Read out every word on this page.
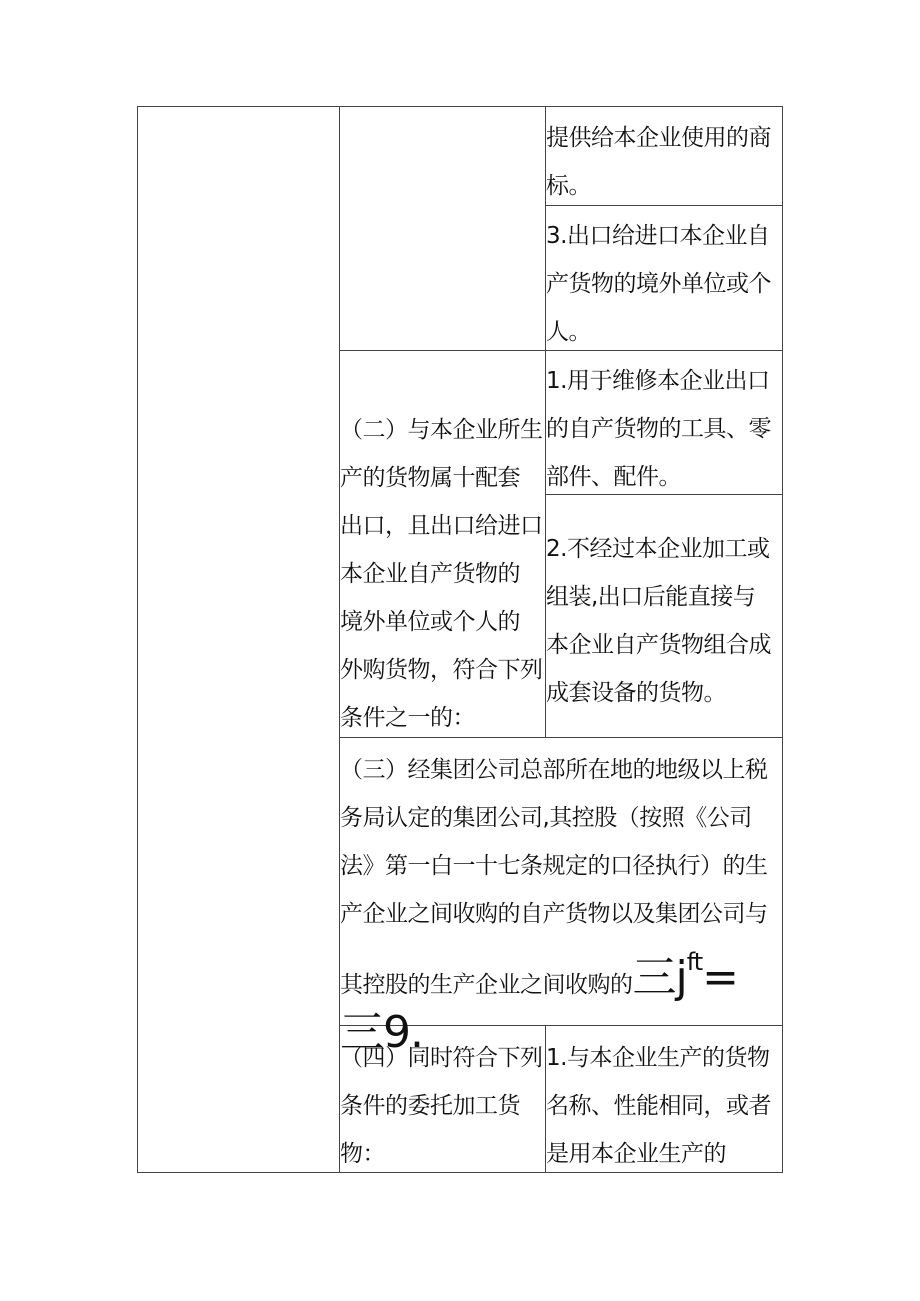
提供给本企业使用的商
标。
3.出口给进口本企业自
产货物的境外单位或个
人。
（二）与本企业所生
产的货物属十配套
出口，且出口给进口
本企业自产货物的
境外单位或个人的
外购货物，符合下列
条件之一的：
1.用于维修本企业出口
的自产货物的工具、零
部件、配件。
2.不经过本企业加工或
组装,出口后能直接与
本企业自产货物组合成
成套设备的货物。
（三）经集团公司总部所在地的地级以上税
务局认定的集团公司,其控股（按照《公司
法》第一白一十七条规定的口径执行）的生
产企业之间收购的自产货物以及集团公司与
其控股的生产企业之间收购的三jft=
三9.
（四）同时符合下列
条件的委托加工货
物：
1.与本企业生产的货物
名称、性能相同，或者
是用本企业生产的
